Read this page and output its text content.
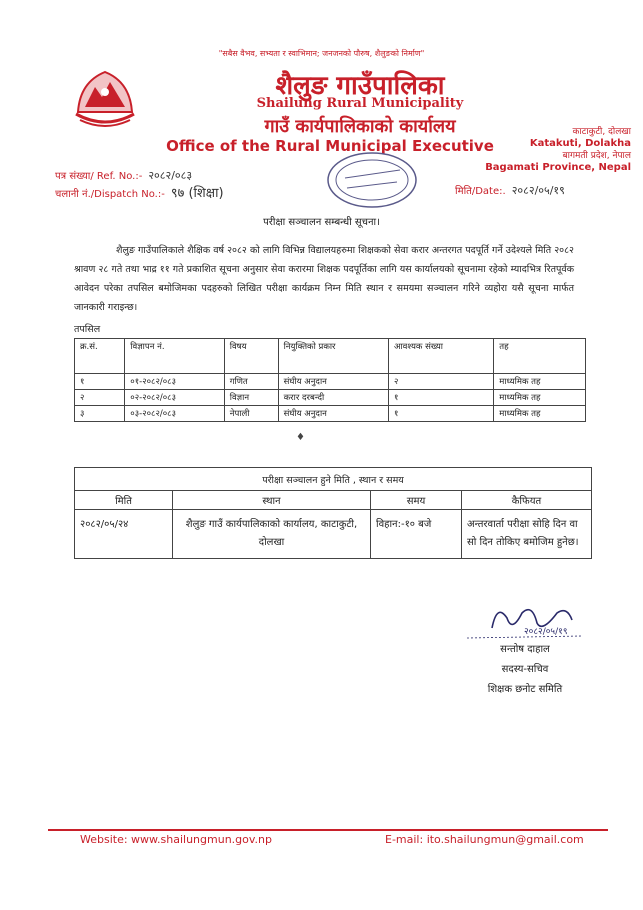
"सबैस वैभव, सभ्यता र स्वाभिमान; जनजनको पौरुष, शैलुङको निर्माण"
शैलुङ गाउँपालिका
Shailung Rural Municipality
गाउँ कार्यपालिकाको कार्यालय
Office of the Rural Municipal Executive
काटाकुटी, दोलखा
Katakuti, Dolakha
बागमती प्रदेश, नेपाल
Bagamati Province, Nepal
पत्र संख्या/ Ref. No.:- २०८२/०८३
चलानी नं./Dispatch No.:- ९७ (शिक्षा)	मिति/Date:. २०८२/०५/१९
परीक्षा सञ्चालन सम्बन्धी सूचना।
शैलुङ गाउँपालिकाले शैक्षिक वर्ष २०८२ को लागि विभिन्न विद्यालयहरुमा शिक्षकको सेवा करार अन्तरगत पदपूर्ति गर्ने उदेश्यले मिति २०८२ श्रावण २८ गते तथा भाद्र ११ गते प्रकाशित सूचना अनुसार सेवा करारमा शिक्षक पदपूर्तिका लागि यस कार्यालयको सूचनामा रहेको म्यादभित्र रितपूर्वक आवेदन परेका तपसिल बमोजिमका पदहरुको लिखित परीक्षा कार्यक्रम निम्न मिति स्थान र समयमा सञ्चालन गरिने व्यहोरा यसै सूचना मार्फत जानकारी गराइन्छ।
तपसिल
क्र.सं.	विज्ञापन नं.	विषय	नियुक्तिको प्रकार	आवश्यक संख्या	तह
१	०१-२०८२/०८३	गणित	संघीय अनुदान	२	माध्यमिक तह
२	०२-२०८२/०८३	विज्ञान	करार दरबन्दी	१	माध्यमिक तह
३	०३-२०८२/०८३	नेपाली	संघीय अनुदान	१	माध्यमिक तह
♦
परीक्षा सञ्चालन हुने मिति , स्थान र समय			
मिति	स्थान	समय	कैफियत
२०८२/०५/२४	शैलुङ गाउँ कार्यपालिकाको कार्यालय, काटाकुटी, दोलखा	विहान:-१० बजे	अन्तरवार्ता परीक्षा सोहि दिन वा सो दिन तोकिए बमोजिम हुनेछ।
२०८२/०५/१९
सन्तोष दाहाल
सदस्य-सचिव
शिक्षक छनोट समिति
Website: www.shailungmun.gov.np	E-mail: ito.shailungmun@gmail.com
